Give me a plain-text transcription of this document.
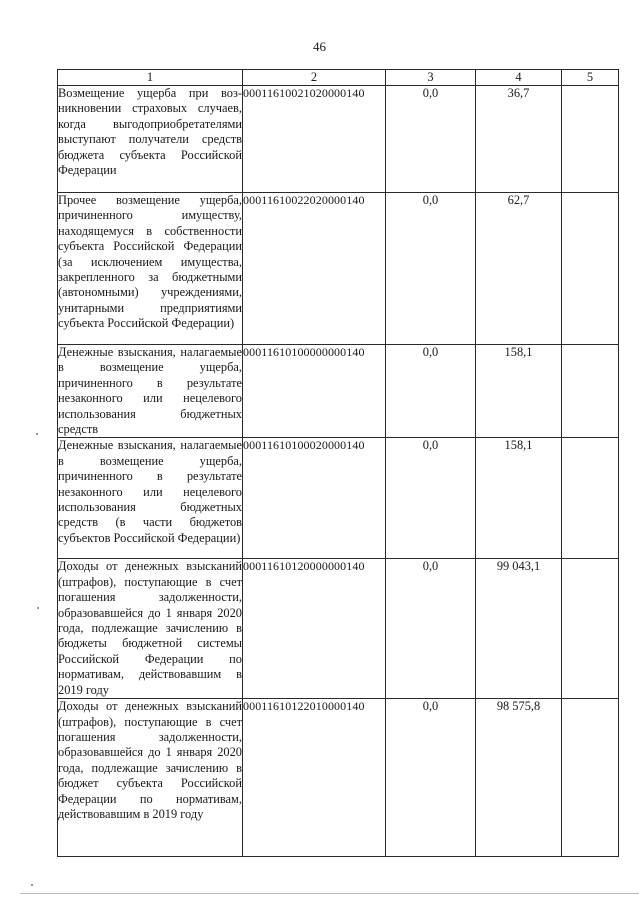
46
1	2	3	4	5
Возмещение ущерба при возникновении страховых случаев, когда выгодоприобретателями выступают получатели средств бюджета субъекта Российской Федерации	00011610021020000140	0,0	36,7	
Прочее возмещение ущерба, причиненного имуществу, находящемуся в собственности субъекта Российской Федерации (за исключением имущества, закрепленного за бюджетными (автономными) учреждениями, унитарными предприятиями субъекта Российской Федерации)	00011610022020000140	0,0	62,7	
Денежные взыскания, налагаемые в возмещение ущерба, причиненного в результате незаконного или нецелевого использования бюджетных средств	00011610100000000140	0,0	158,1	
Денежные взыскания, налагаемые в возмещение ущерба, причиненного в результате незаконного или нецелевого использования бюджетных средств (в части бюджетов субъектов Российской Федерации)	00011610100020000140	0,0	158,1	
Доходы от денежных взысканий (штрафов), поступающие в счет погашения задолженности, образовавшейся до 1 января 2020 года, подлежащие зачислению в бюджеты бюджетной системы Российской Федерации по нормативам, действовавшим в 2019 году	00011610120000000140	0,0	99 043,1	
Доходы от денежных взысканий (штрафов), поступающие в счет погашения задолженности, образовавшейся до 1 января 2020 года, подлежащие зачислению в бюджет субъекта Российской Федерации по нормативам, действовавшим в 2019 году	00011610122010000140	0,0	98 575,8	
